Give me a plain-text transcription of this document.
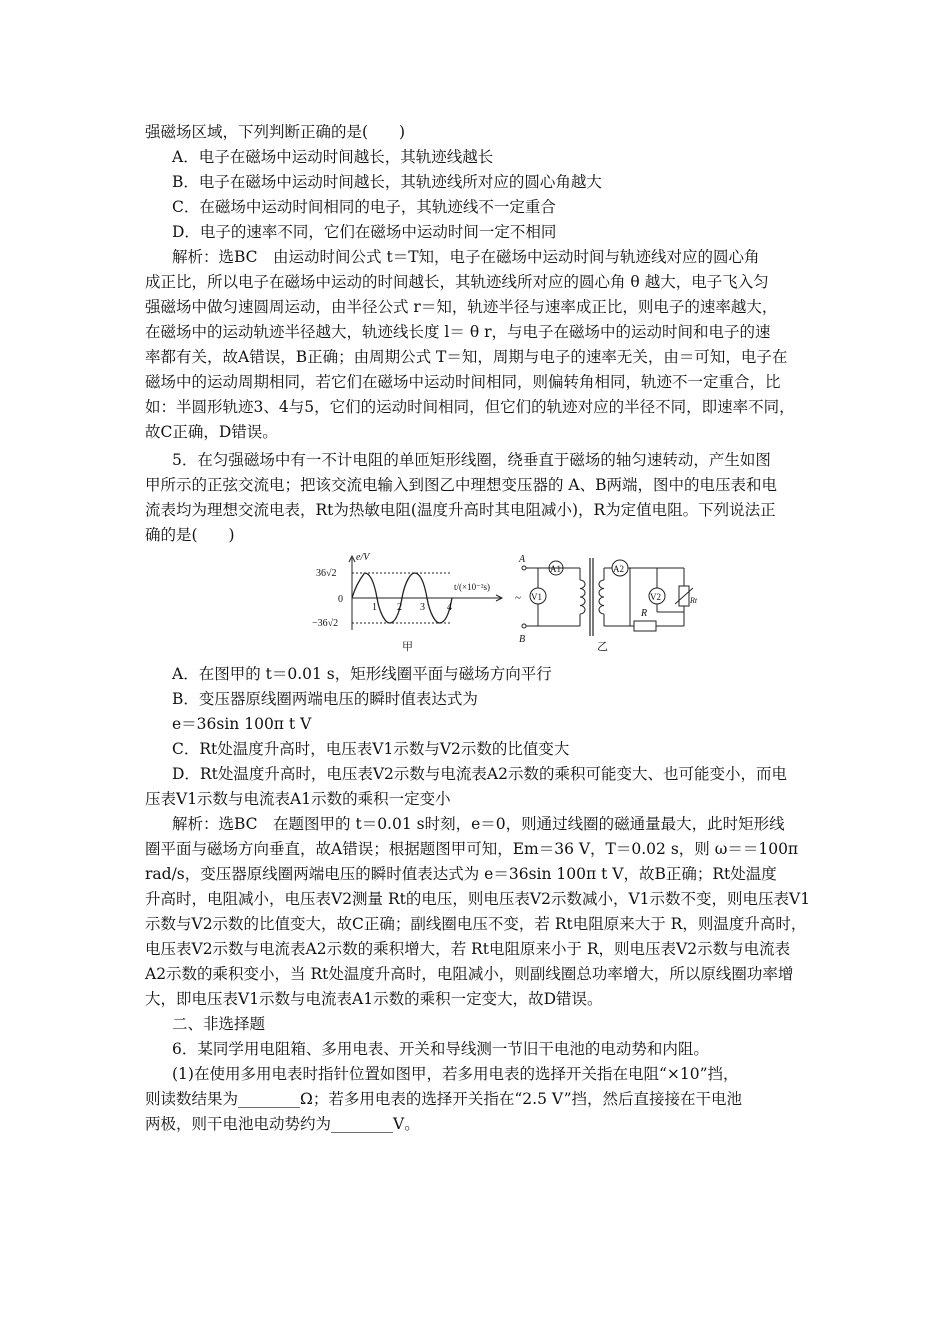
强磁场区域，下列判断正确的是(　　)
A．电子在磁场中运动时间越长，其轨迹线越长
B．电子在磁场中运动时间越长，其轨迹线所对应的圆心角越大
C．在磁场中运动时间相同的电子，其轨迹线不一定重合
D．电子的速率不同，它们在磁场中运动时间一定不相同
解析：选BC　由运动时间公式 t＝T知，电子在磁场中运动时间与轨迹线对应的圆心角
成正比，所以电子在磁场中运动的时间越长，其轨迹线所对应的圆心角 θ 越大，电子飞入匀
强磁场中做匀速圆周运动，由半径公式 r＝知，轨迹半径与速率成正比，则电子的速率越大，
在磁场中的运动轨迹半径越大，轨迹线长度 l＝ θ r，与电子在磁场中的运动时间和电子的速
率都有关，故A错误，B正确；由周期公式 T＝知，周期与电子的速率无关，由＝可知，电子在
磁场中的运动周期相同，若它们在磁场中运动时间相同，则偏转角相同，轨迹不一定重合，比
如：半圆形轨迹3、4与5，它们的运动时间相同，但它们的轨迹对应的半径不同，即速率不同，
故C正确，D错误。
5．在匀强磁场中有一不计电阻的单匝矩形线圈，绕垂直于磁场的轴匀速转动，产生如图
甲所示的正弦交流电；把该交流电输入到图乙中理想变压器的 A、B两端，图中的电压表和电
流表均为理想交流电表，Rt为热敏电阻(温度升高时其电阻减小)，R为定值电阻。下列说法正
确的是(　　)
e/V
t/(×10⁻²s)
36√2
0
−36√2
1 2 3 4
甲
A
B
~
A1
V1
A2
R
V2	Rt
乙
A．在图甲的 t＝0.01 s，矩形线圈平面与磁场方向平行
B．变压器原线圈两端电压的瞬时值表达式为
e＝36sin 100π t V
C．Rt处温度升高时，电压表V1示数与V2示数的比值变大
D．Rt处温度升高时，电压表V2示数与电流表A2示数的乘积可能变大、也可能变小，而电
压表V1示数与电流表A1示数的乘积一定变小
解析：选BC　在题图甲的 t＝0.01 s时刻，e＝0，则通过线圈的磁通量最大，此时矩形线
圈平面与磁场方向垂直，故A错误；根据题图甲可知，Em＝36 V，T＝0.02 s，则 ω＝＝100π
rad/s，变压器原线圈两端电压的瞬时值表达式为 e＝36sin 100π t V，故B正确；Rt处温度
升高时，电阻减小，电压表V2测量 Rt的电压，则电压表V2示数减小，V1示数不变，则电压表V1
示数与V2示数的比值变大，故C正确；副线圈电压不变，若 Rt电阻原来大于 R，则温度升高时，
电压表V2示数与电流表A2示数的乘积增大，若 Rt电阻原来小于 R，则电压表V2示数与电流表
A2示数的乘积变小，当 Rt处温度升高时，电阻减小，则副线圈总功率增大，所以原线圈功率增
大，即电压表V1示数与电流表A1示数的乘积一定变大，故D错误。
二、非选择题
6．某同学用电阻箱、多用电表、开关和导线测一节旧干电池的电动势和内阻。
(1)在使用多用电表时指针位置如图甲，若多用电表的选择开关指在电阻“×10”挡，
则读数结果为________Ω；若多用电表的选择开关指在“2.5 V”挡，然后直接接在干电池
两极，则干电池电动势约为________V。
